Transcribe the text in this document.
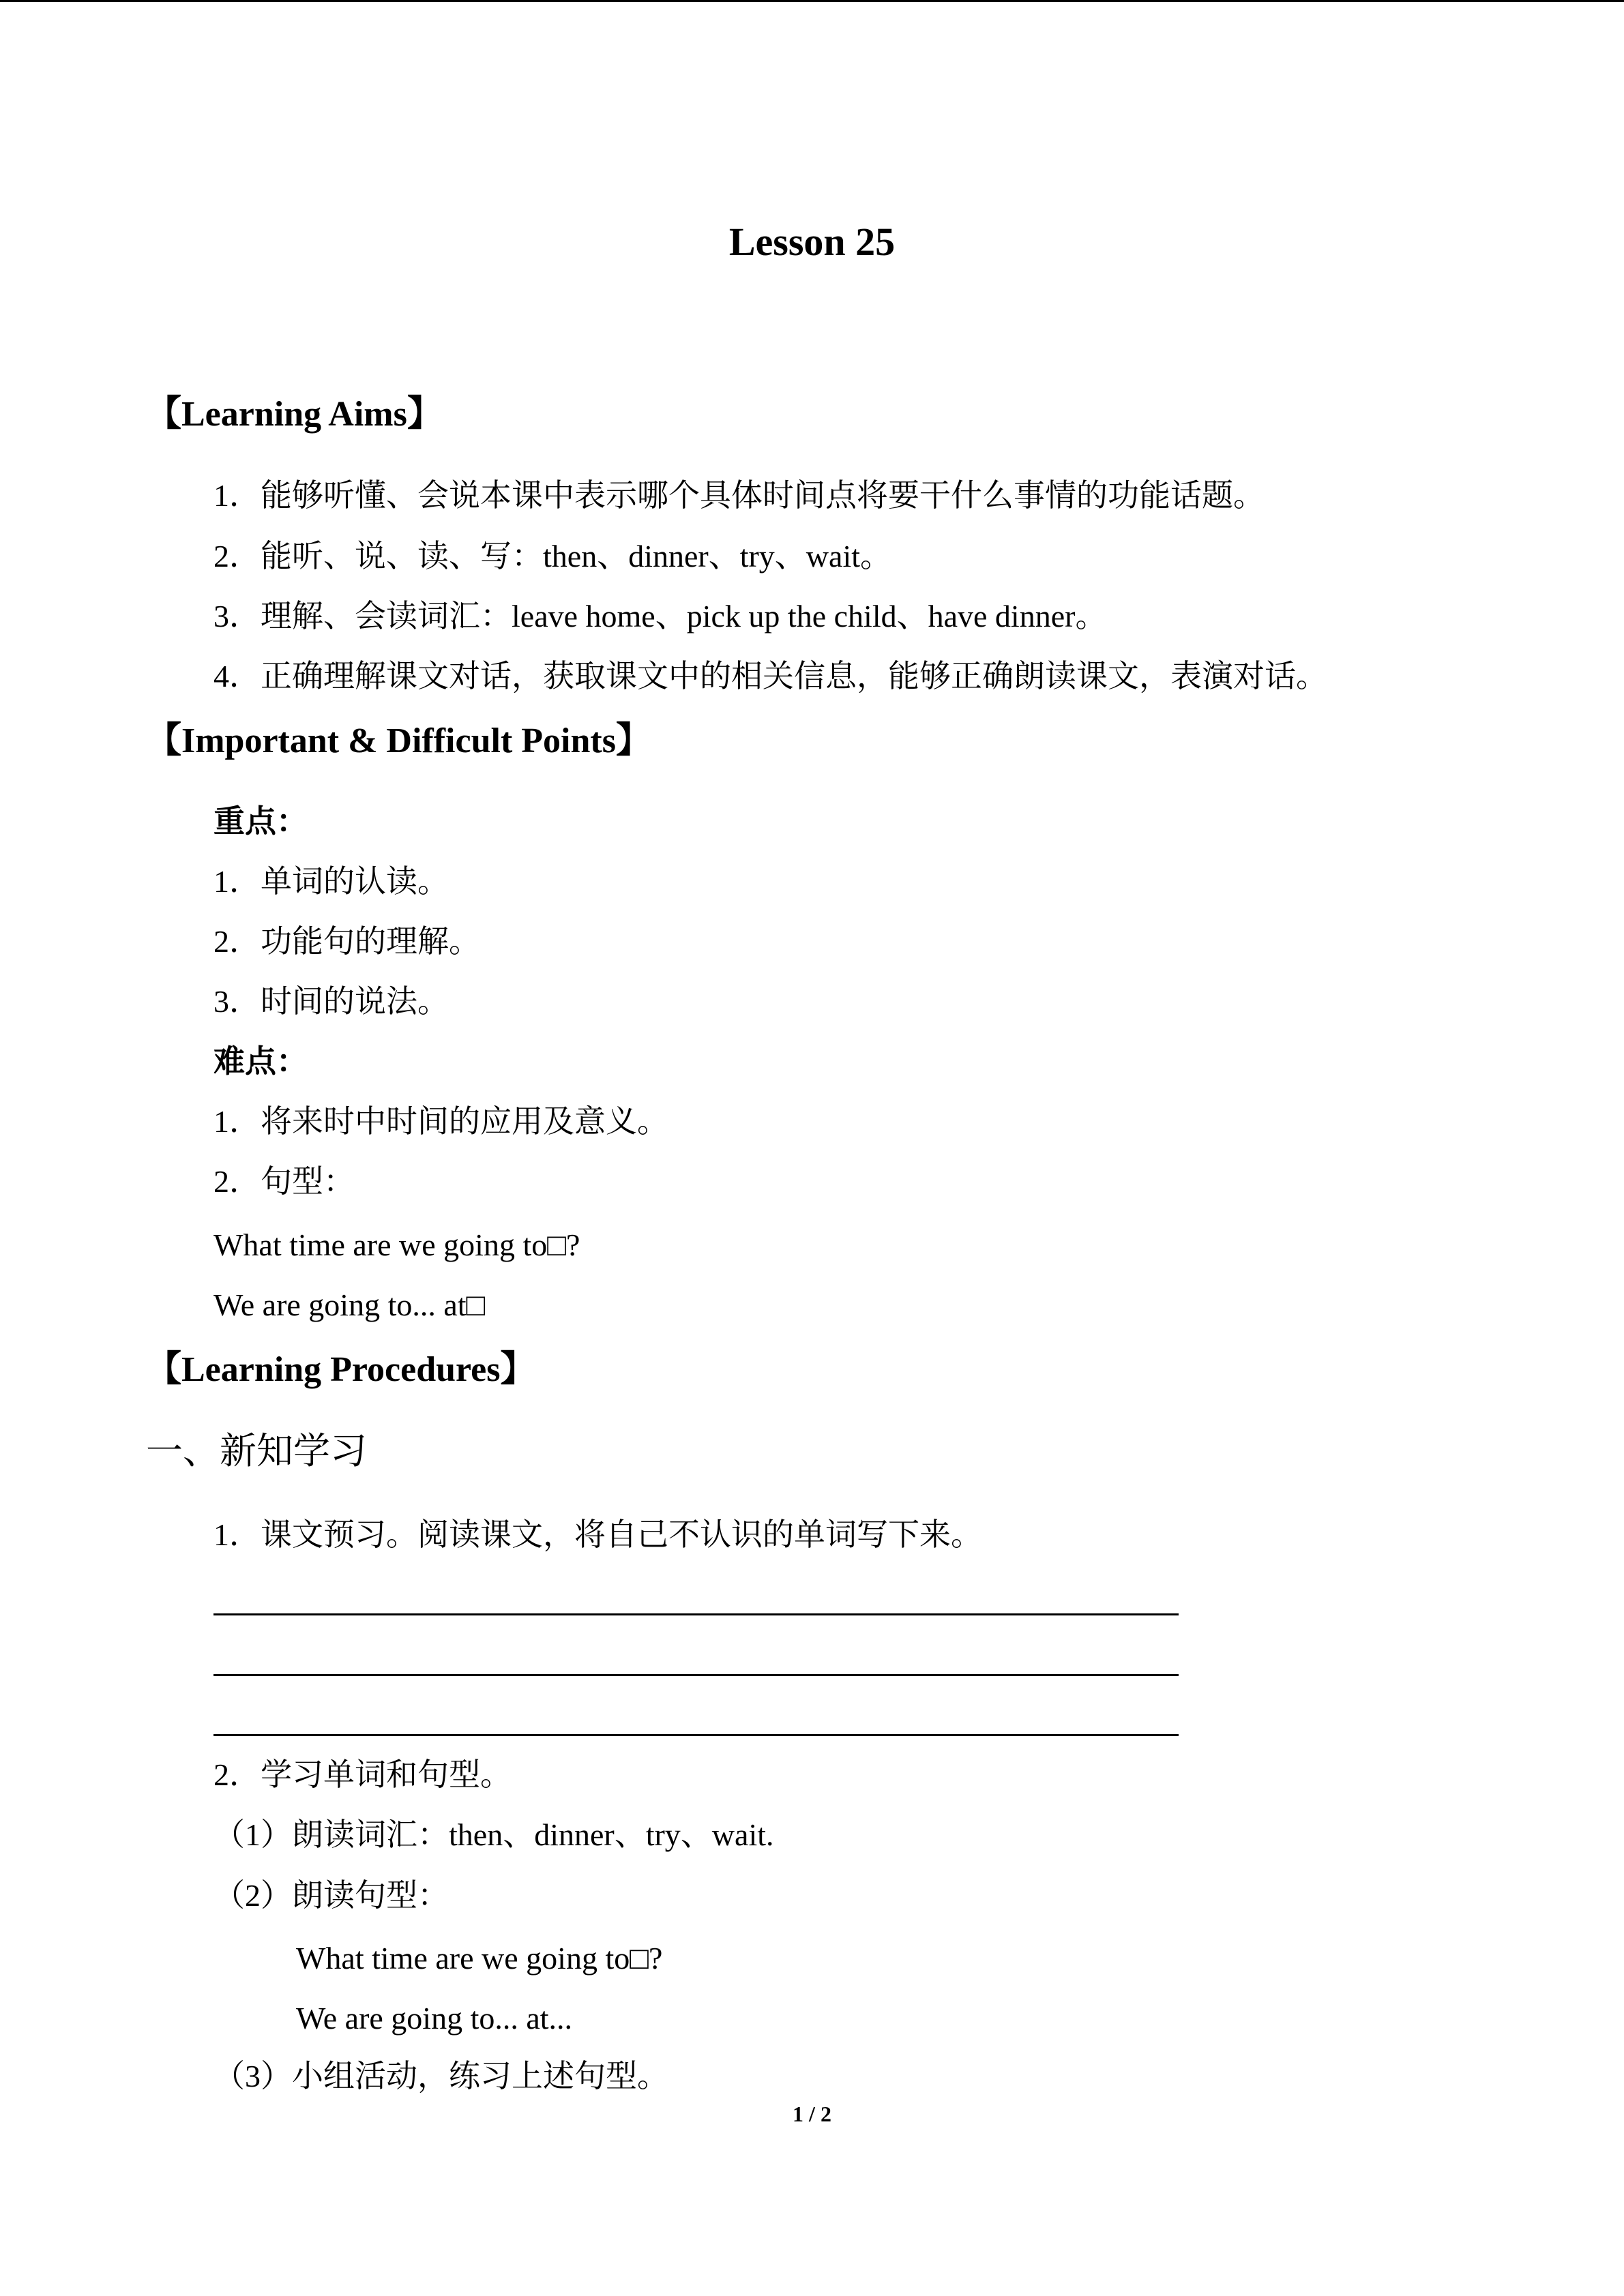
Lesson 25
【Learning Aims】
1．能够听懂、会说本课中表示哪个具体时间点将要干什么事情的功能话题。
2．能听、说、读、写：then、dinner、try、wait。
3．理解、会读词汇：leave home、pick up the child、have dinner。
4．正确理解课文对话，获取课文中的相关信息，能够正确朗读课文，表演对话。
【Important & Difficult Points】
重点：
1．单词的认读。
2．功能句的理解。
3．时间的说法。
难点：
1．将来时中时间的应用及意义。
2．句型：
What time are we going to□?
We are going to... at□
【Learning Procedures】
一、新知学习
1．课文预习。阅读课文，将自己不认识的单词写下来。
2．学习单词和句型。
（1）朗读词汇：then、dinner、try、wait.
（2）朗读句型：
What time are we going to□?
We are going to... at...
（3）小组活动，练习上述句型。
1 / 2
